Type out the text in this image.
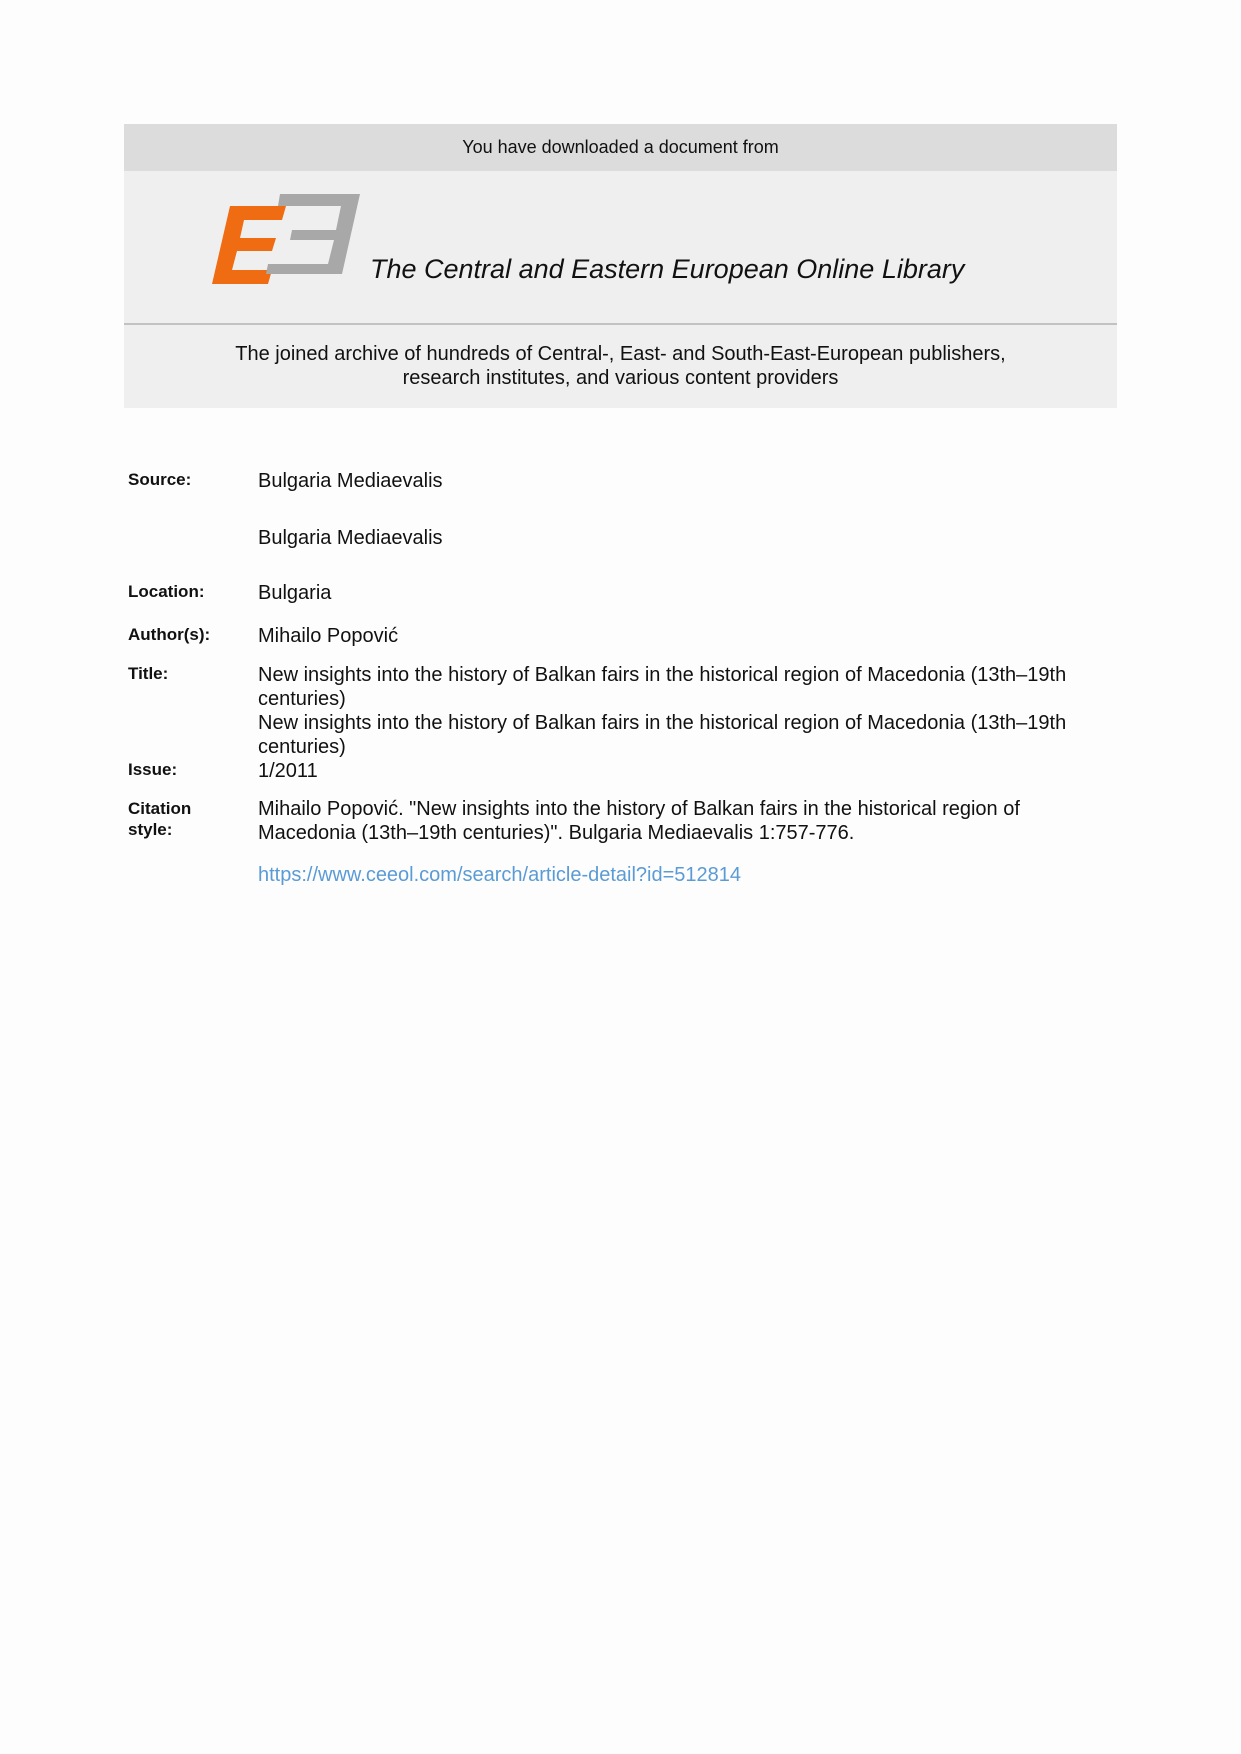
You have downloaded a document from
The Central and Eastern European Online Library
The joined archive of hundreds of Central-, East- and South-East-European publishers,
research institutes, and various content providers
Source:	Bulgaria Mediaevalis
Bulgaria Mediaevalis
Location:	Bulgaria
Author(s): Mihailo Popović
Title:	New insights into the history of Balkan fairs in the historical region of Macedonia (13th–19th
centuries)
New insights into the history of Balkan fairs in the historical region of Macedonia (13th–19th
centuries)
Issue:	1/2011
Citation
style:
Mihailo Popović. "New insights into the history of Balkan fairs in the historical region of
Macedonia (13th–19th centuries)". Bulgaria Mediaevalis 1:757-776.
https://www.ceeol.com/search/article-detail?id=512814
